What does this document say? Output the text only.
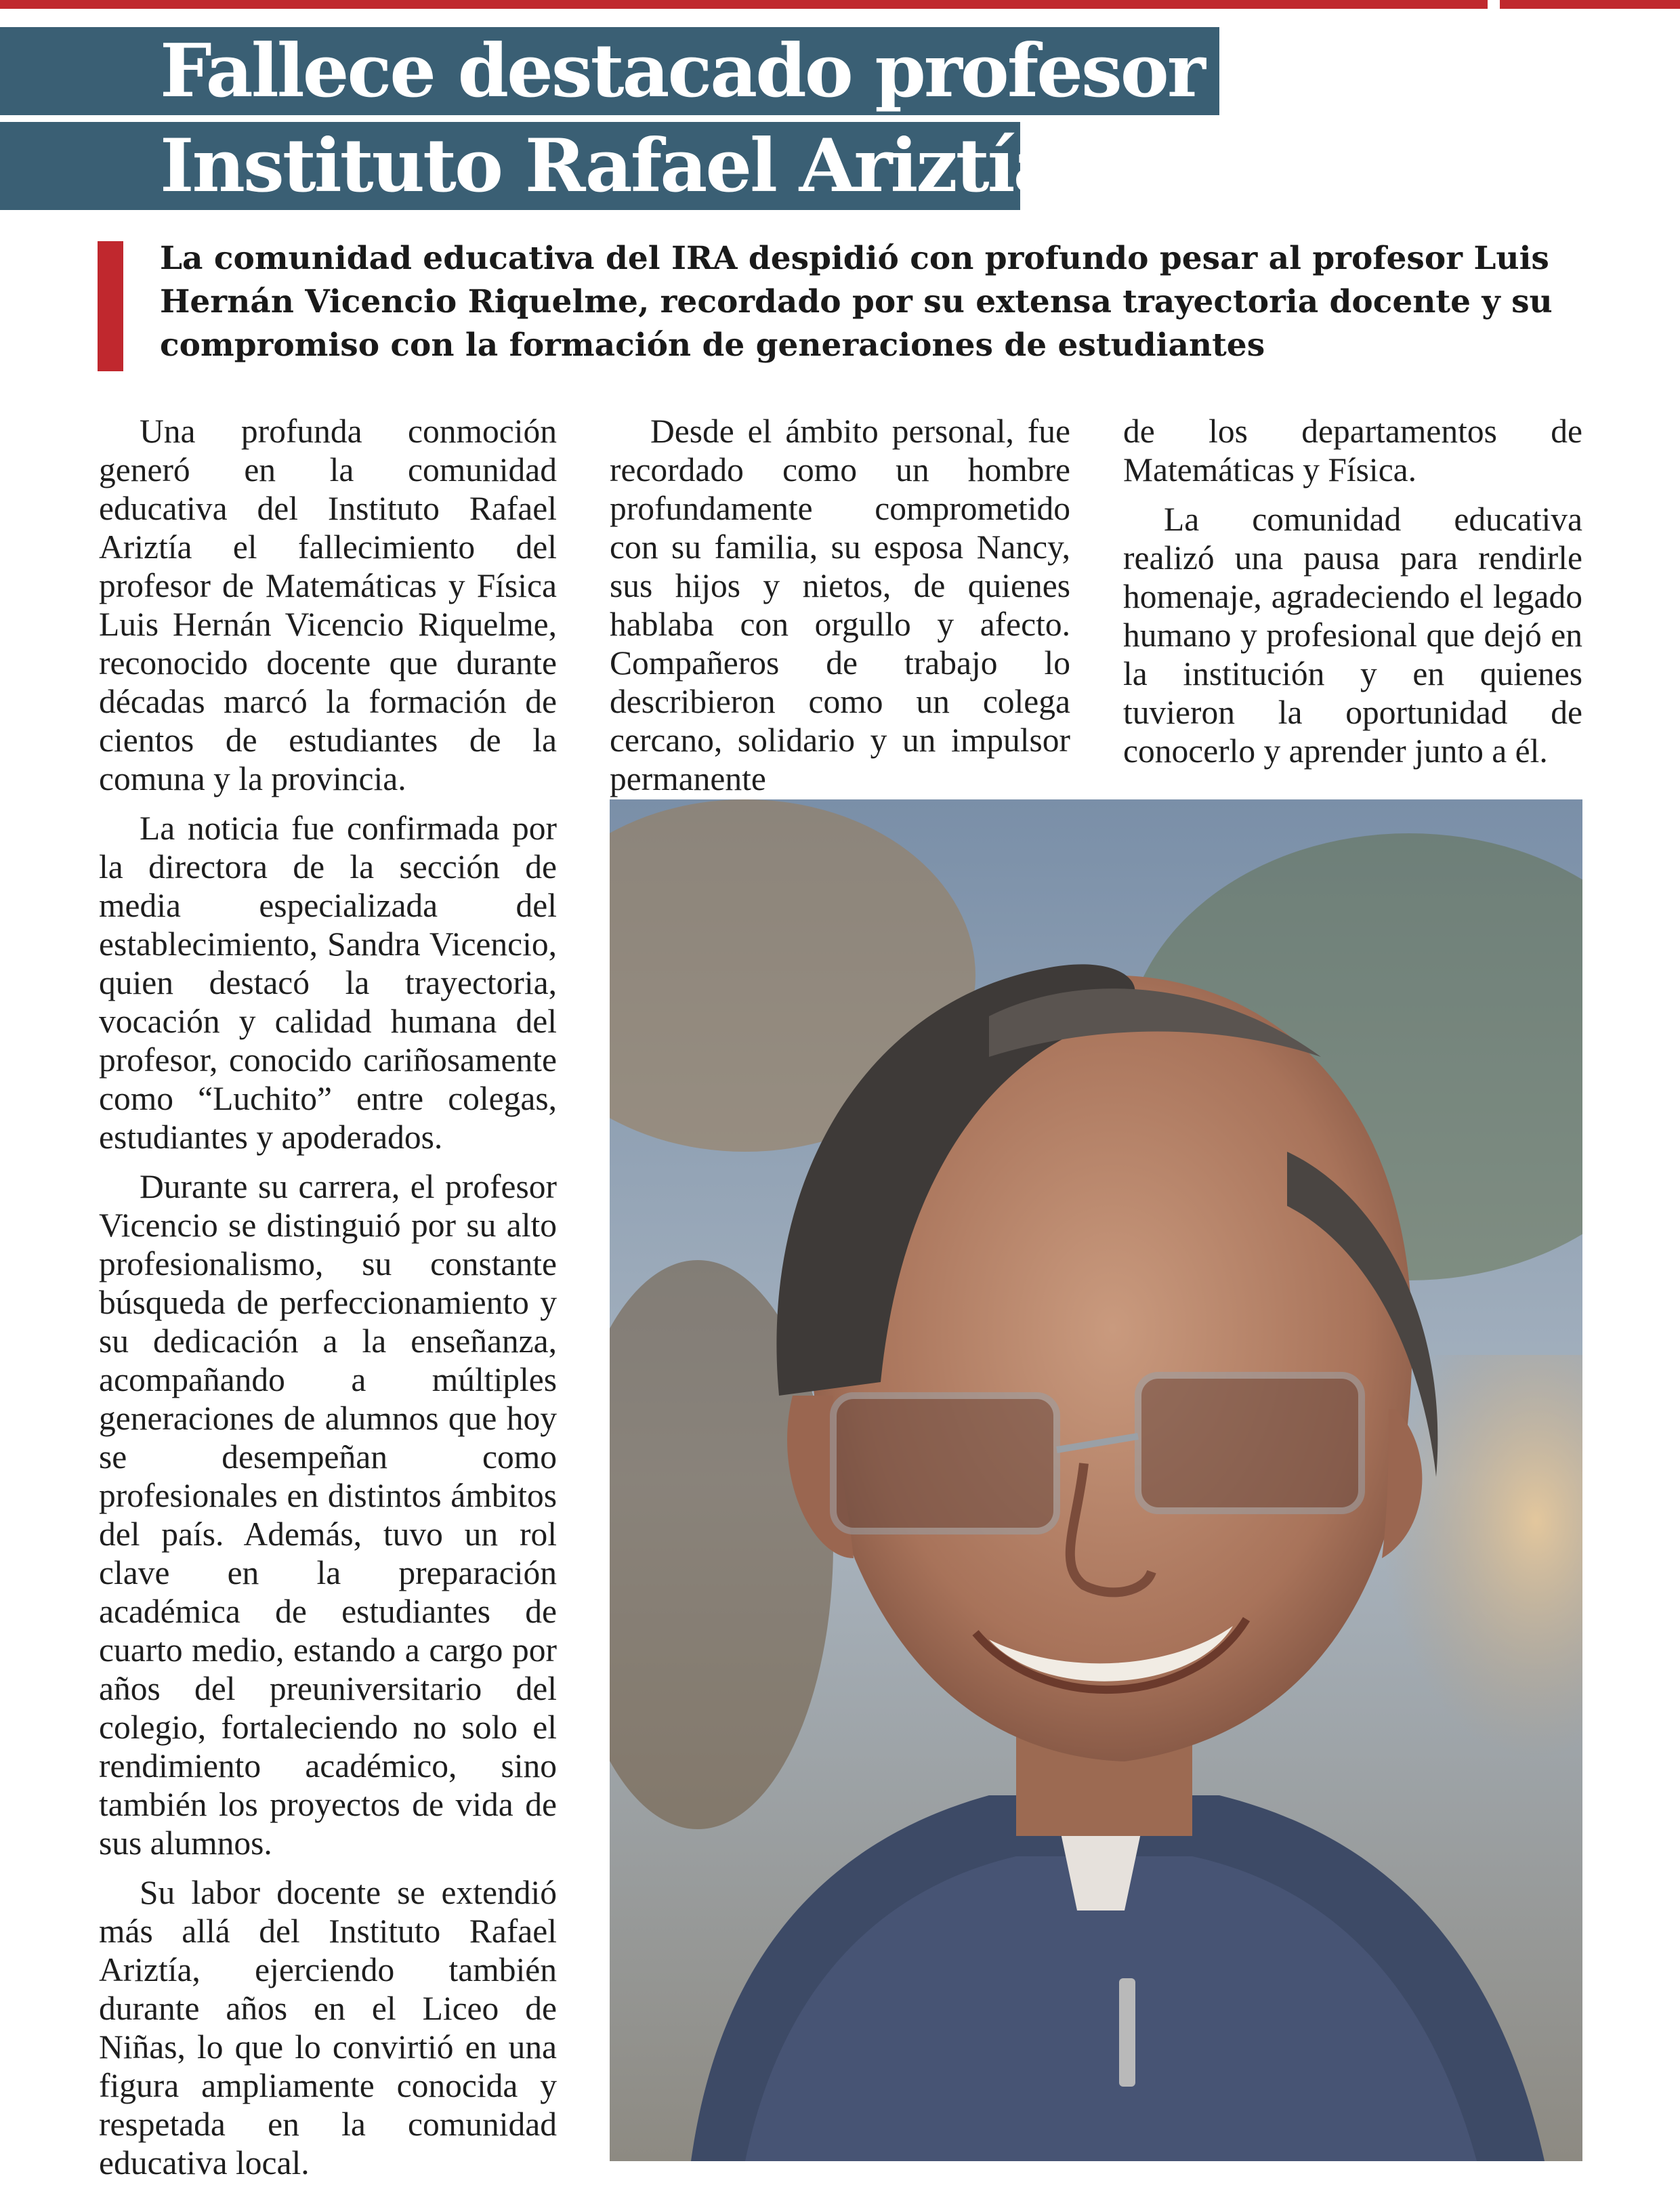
Fallece destacado profesor del
Instituto Rafael Ariztía
La comunidad educativa del IRA despidió con profundo pesar al profesor Luis Hernán Vicencio Riquelme, recordado por su extensa trayectoria docente y su compromiso con la formación de generaciones de estudiantes

Una profunda conmoción generó en la comunidad educativa del Instituto Rafael Ariztía el fallecimiento del profesor de Matemáticas y Física Luis Hernán Vicencio Riquelme, reconocido docente que durante décadas marcó la formación de cientos de estudiantes de la comuna y la provincia.

La noticia fue confirmada por la directora de la sección de media especializada del establecimiento, Sandra Vicencio, quien destacó la trayectoria, vocación y calidad humana del profesor, conocido cariñosamente como “Luchito” entre colegas, estudiantes y apoderados.

Durante su carrera, el profesor Vicencio se distinguió por su alto profesionalismo, su constante búsqueda de perfeccionamiento y su dedicación a la enseñanza, acompañando a múltiples generaciones de alumnos que hoy se desempeñan como profesionales en distintos ámbitos del país. Además, tuvo un rol clave en la preparación académica de estudiantes de cuarto medio, estando a cargo por años del preuniversitario del colegio, fortaleciendo no solo el rendimiento académico, sino también los proyectos de vida de sus alumnos.

Su labor docente se extendió más allá del Instituto Rafael Ariztía, ejerciendo también durante años en el Liceo de Niñas, lo que lo convirtió en una figura ampliamente conocida y respetada en la comunidad educativa local.

Desde el ámbito personal, fue recordado como un hombre profundamente comprometido con su familia, su esposa Nancy, sus hijos y nietos, de quienes hablaba con orgullo y afecto. Compañeros de trabajo lo describieron como un colega cercano, solidario y un impulsor permanente

de los departamentos de Matemáticas y Física.

La comunidad educativa realizó una pausa para rendirle homenaje, agradeciendo el legado humano y profesional que dejó en la institución y en quienes tuvieron la oportunidad de conocerlo y aprender junto a él.
